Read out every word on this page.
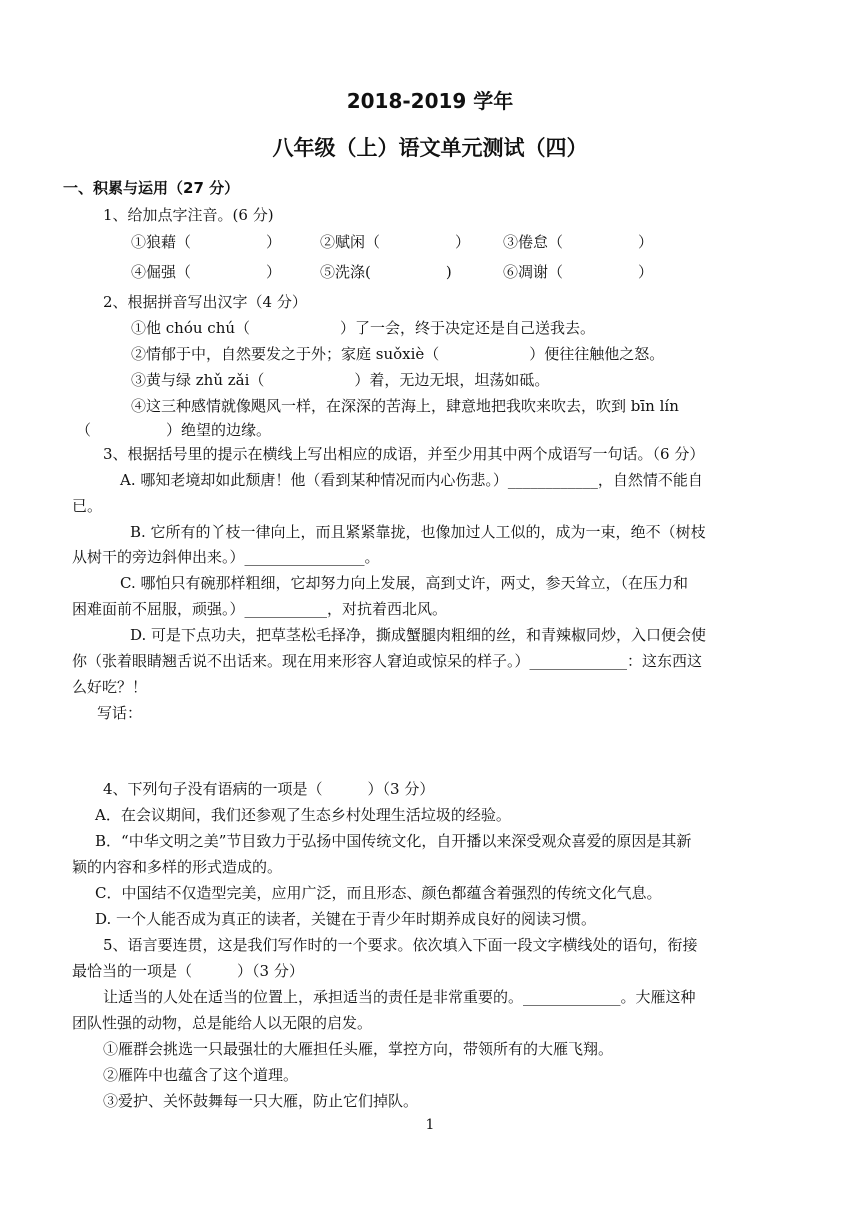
2018-2019 学年
八年级（上）语文单元测试（四）
一、积累与运用（27 分）
1、给加点字注音。(6 分)
①狼藉（　　　　　）	②赋闲（　　　　　） ③倦怠（　　　　　）
④倔强（　　　　　）	⑤洗涤(　　　　　)	⑥凋谢（　　　　　）
2、根据拼音写出汉字（4 分）
①他 chóu chú（　　　　　　）了一会，终于决定还是自己送我去。
②情郁于中，自然要发之于外；家庭 suǒxiè（　　　　　　）便往往触他之怒。
③黄与绿 zhǔ zǎi（　　　　　　）着，无边无垠，坦荡如砥。
④这三种感情就像飓风一样，在深深的苦海上，肆意地把我吹来吹去，吹到 bīn lín
（　　　　　）绝望的边缘。
3、根据括号里的提示在横线上写出相应的成语，并至少用其中两个成语写一句话。（6 分）
A. 哪知老境却如此颓唐！他（看到某种情况而内心伤悲。）____________，自然情不能自
已。
B. 它所有的丫枝一律向上，而且紧紧靠拢，也像加过人工似的，成为一束，绝不（树枝
从树干的旁边斜伸出来。）________________。
C. 哪怕只有碗那样粗细，它却努力向上发展，高到丈许，两丈，参天耸立，（在压力和
困难面前不屈服，顽强。）___________，对抗着西北风。
D. 可是下点功夫，把草茎松毛择净，撕成蟹腿肉粗细的丝，和青辣椒同炒，入口便会使
你（张着眼睛翘舌说不出话来。现在用来形容人窘迫或惊呆的样子。）_____________：这东西这
么好吃？！
写话：
4、下列句子没有语病的一项是（　　　）（3 分）
A．在会议期间，我们还参观了生态乡村处理生活垃圾的经验。
B．“中华文明之美”节目致力于弘扬中国传统文化，自开播以来深受观众喜爱的原因是其新
颖的内容和多样的形式造成的。
C．中国结不仅造型完美，应用广泛，而且形态、颜色都蕴含着强烈的传统文化气息。
D. 一个人能否成为真正的读者，关键在于青少年时期养成良好的阅读习惯。
5、语言要连贯，这是我们写作时的一个要求。依次填入下面一段文字横线处的语句，衔接
最恰当的一项是（　　　）（3 分）
让适当的人处在适当的位置上，承担适当的责任是非常重要的。_____________。大雁这种
团队性强的动物，总是能给人以无限的启发。
①雁群会挑选一只最强壮的大雁担任头雁，掌控方向，带领所有的大雁飞翔。
②雁阵中也蕴含了这个道理。
③爱护、关怀鼓舞每一只大雁，防止它们掉队。
1
